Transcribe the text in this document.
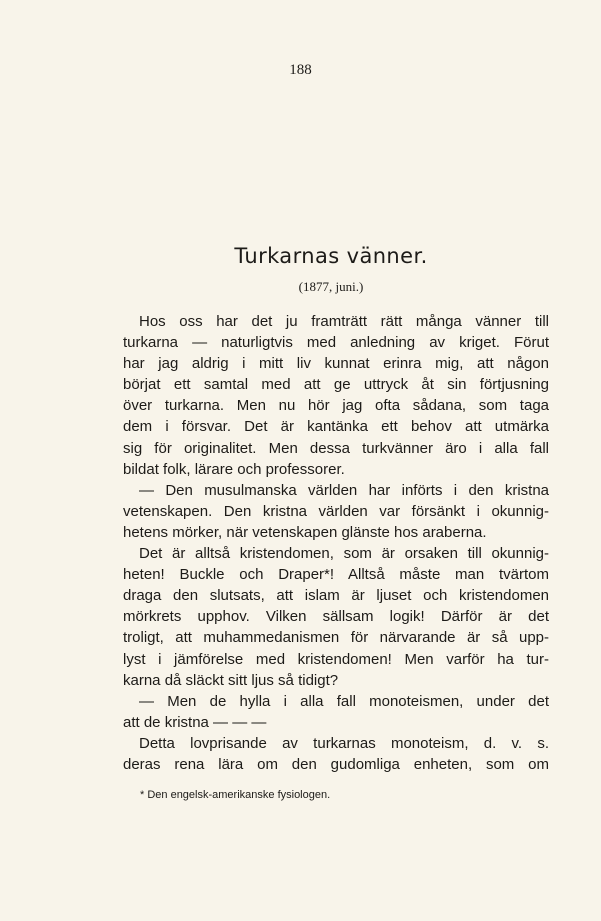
188
Turkarnas vänner.
(1877, juni.)
Hos oss har det ju framträtt rätt många vänner till
turkarna — naturligtvis med anledning av kriget. Förut
har jag aldrig i mitt liv kunnat erinra mig, att någon
börjat ett samtal med att ge uttryck åt sin förtjusning
över turkarna. Men nu hör jag ofta sådana, som taga
dem i försvar. Det är kantänka ett behov att utmärka
sig för originalitet. Men dessa turkvänner äro i alla fall
bildat folk, lärare och professorer.
— Den musulmanska världen har införts i den kristna
vetenskapen. Den kristna världen var försänkt i okunnig-
hetens mörker, när vetenskapen glänste hos araberna.
Det är alltså kristendomen, som är orsaken till okunnig-
heten! Buckle och Draper*! Alltså måste man tvärtom
draga den slutsats, att islam är ljuset och kristendomen
mörkrets upphov. Vilken sällsam logik! Därför är det
troligt, att muhammedanismen för närvarande är så upp-
lyst i jämförelse med kristendomen! Men varför ha tur-
karna då släckt sitt ljus så tidigt?
— Men de hylla i alla fall monoteismen, under det
att de kristna — — —
Detta lovprisande av turkarnas monoteism, d. v. s.
deras rena lära om den gudomliga enheten, som om
* Den engelsk-amerikanske fysiologen.
